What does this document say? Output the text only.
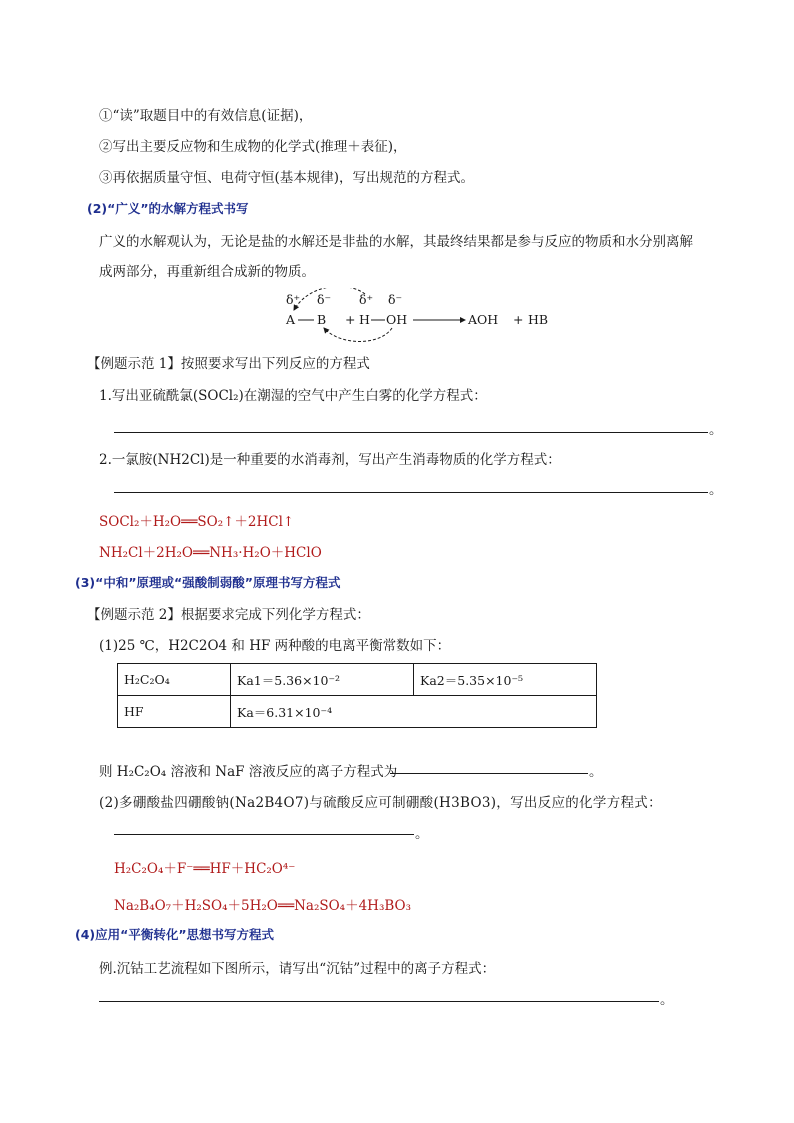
①“读”取题目中的有效信息(证据)，
②写出主要反应物和生成物的化学式(推理＋表征)，
③再依据质量守恒、电荷守恒(基本规律)，写出规范的方程式。
(2)“广义”的水解方程式书写
广义的水解观认为，无论是盐的水解还是非盐的水解，其最终结果都是参与反应的物质和水分别离解
成两部分，再重新组合成新的物质。
δ⁺ δ⁻ δ⁺ δ⁻
A B + H OH	AOH + HB
【例题示范 1】按照要求写出下列反应的方程式
1.写出亚硫酰氯(SOCl₂)在潮湿的空气中产生白雾的化学方程式：
。
2.一氯胺(NH2Cl)是一种重要的水消毒剂，写出产生消毒物质的化学方程式：
。
SOCl₂＋H₂O══SO₂↑＋2HCl↑
NH₂Cl＋2H₂O══NH₃·H₂O＋HClO
(3)“中和”原理或“强酸制弱酸”原理书写方程式
【例题示范 2】根据要求完成下列化学方程式：
(1)25 ℃，H2C2O4 和 HF 两种酸的电离平衡常数如下：
H₂C₂O₄	Ka1＝5.36×10⁻²	Ka2＝5.35×10⁻⁵
HF	Ka＝6.31×10⁻⁴	
则 H₂C₂O₄ 溶液和 NaF 溶液反应的离子方程式为	。
(2)多硼酸盐四硼酸钠(Na2B4O7)与硫酸反应可制硼酸(H3BO3)，写出反应的化学方程式：
。
H₂C₂O₄＋F⁻══HF＋HC₂O⁴⁻
Na₂B₄O₇＋H₂SO₄＋5H₂O══Na₂SO₄＋4H₃BO₃
(4)应用“平衡转化”思想书写方程式
例.沉钴工艺流程如下图所示，请写出“沉钴”过程中的离子方程式：
。
